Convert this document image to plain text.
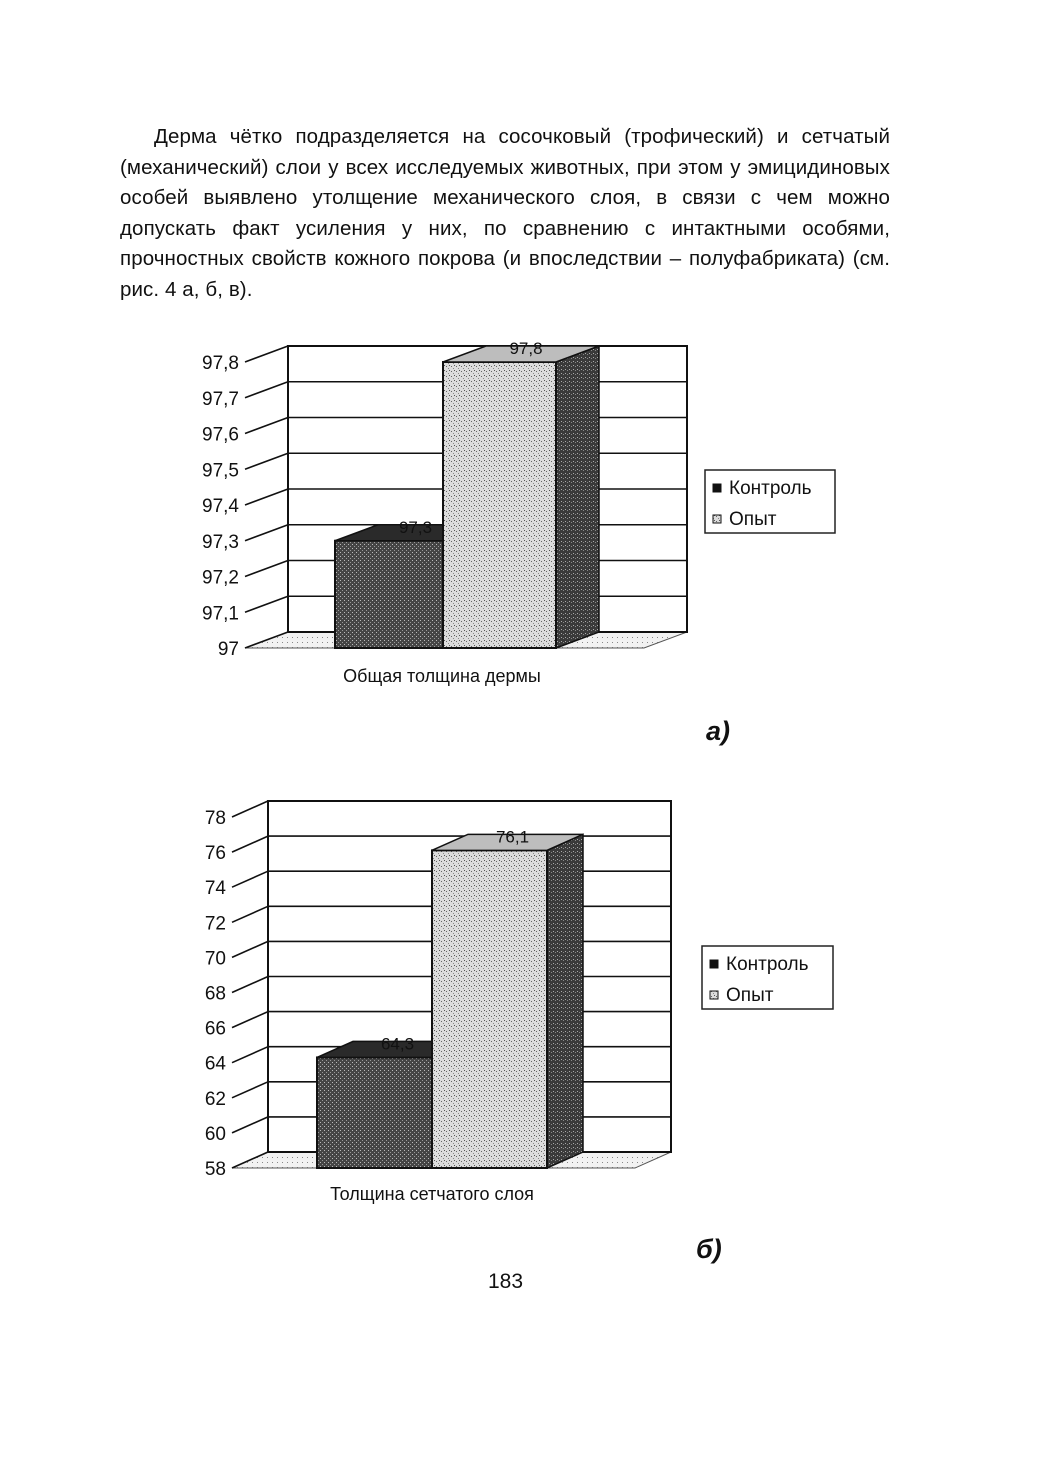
Дерма чётко подразделяется на сосочковый (трофический) и сетчатый (механический) слои у всех исследуемых животных, при этом у эмицидиновых особей выявлено утолщение механического слоя, в связи с чем можно допускать факт усиления у них, по сравнению с интактными особями, прочностных свойств кожного покрова (и впоследствии – полуфабриката) (см. рис. 4 а, б, в).
97
97,1
97,2
97,3
97,4
97,5
97,6
97,7
97,8
97,3
97,8
Общая толщина дермы
Контроль
Опыт
а)
58
60
62
64
66
68
70
72
74
76
78
64,3
76,1
Толщина сетчатого слоя
Контроль
Опыт
б)
183
